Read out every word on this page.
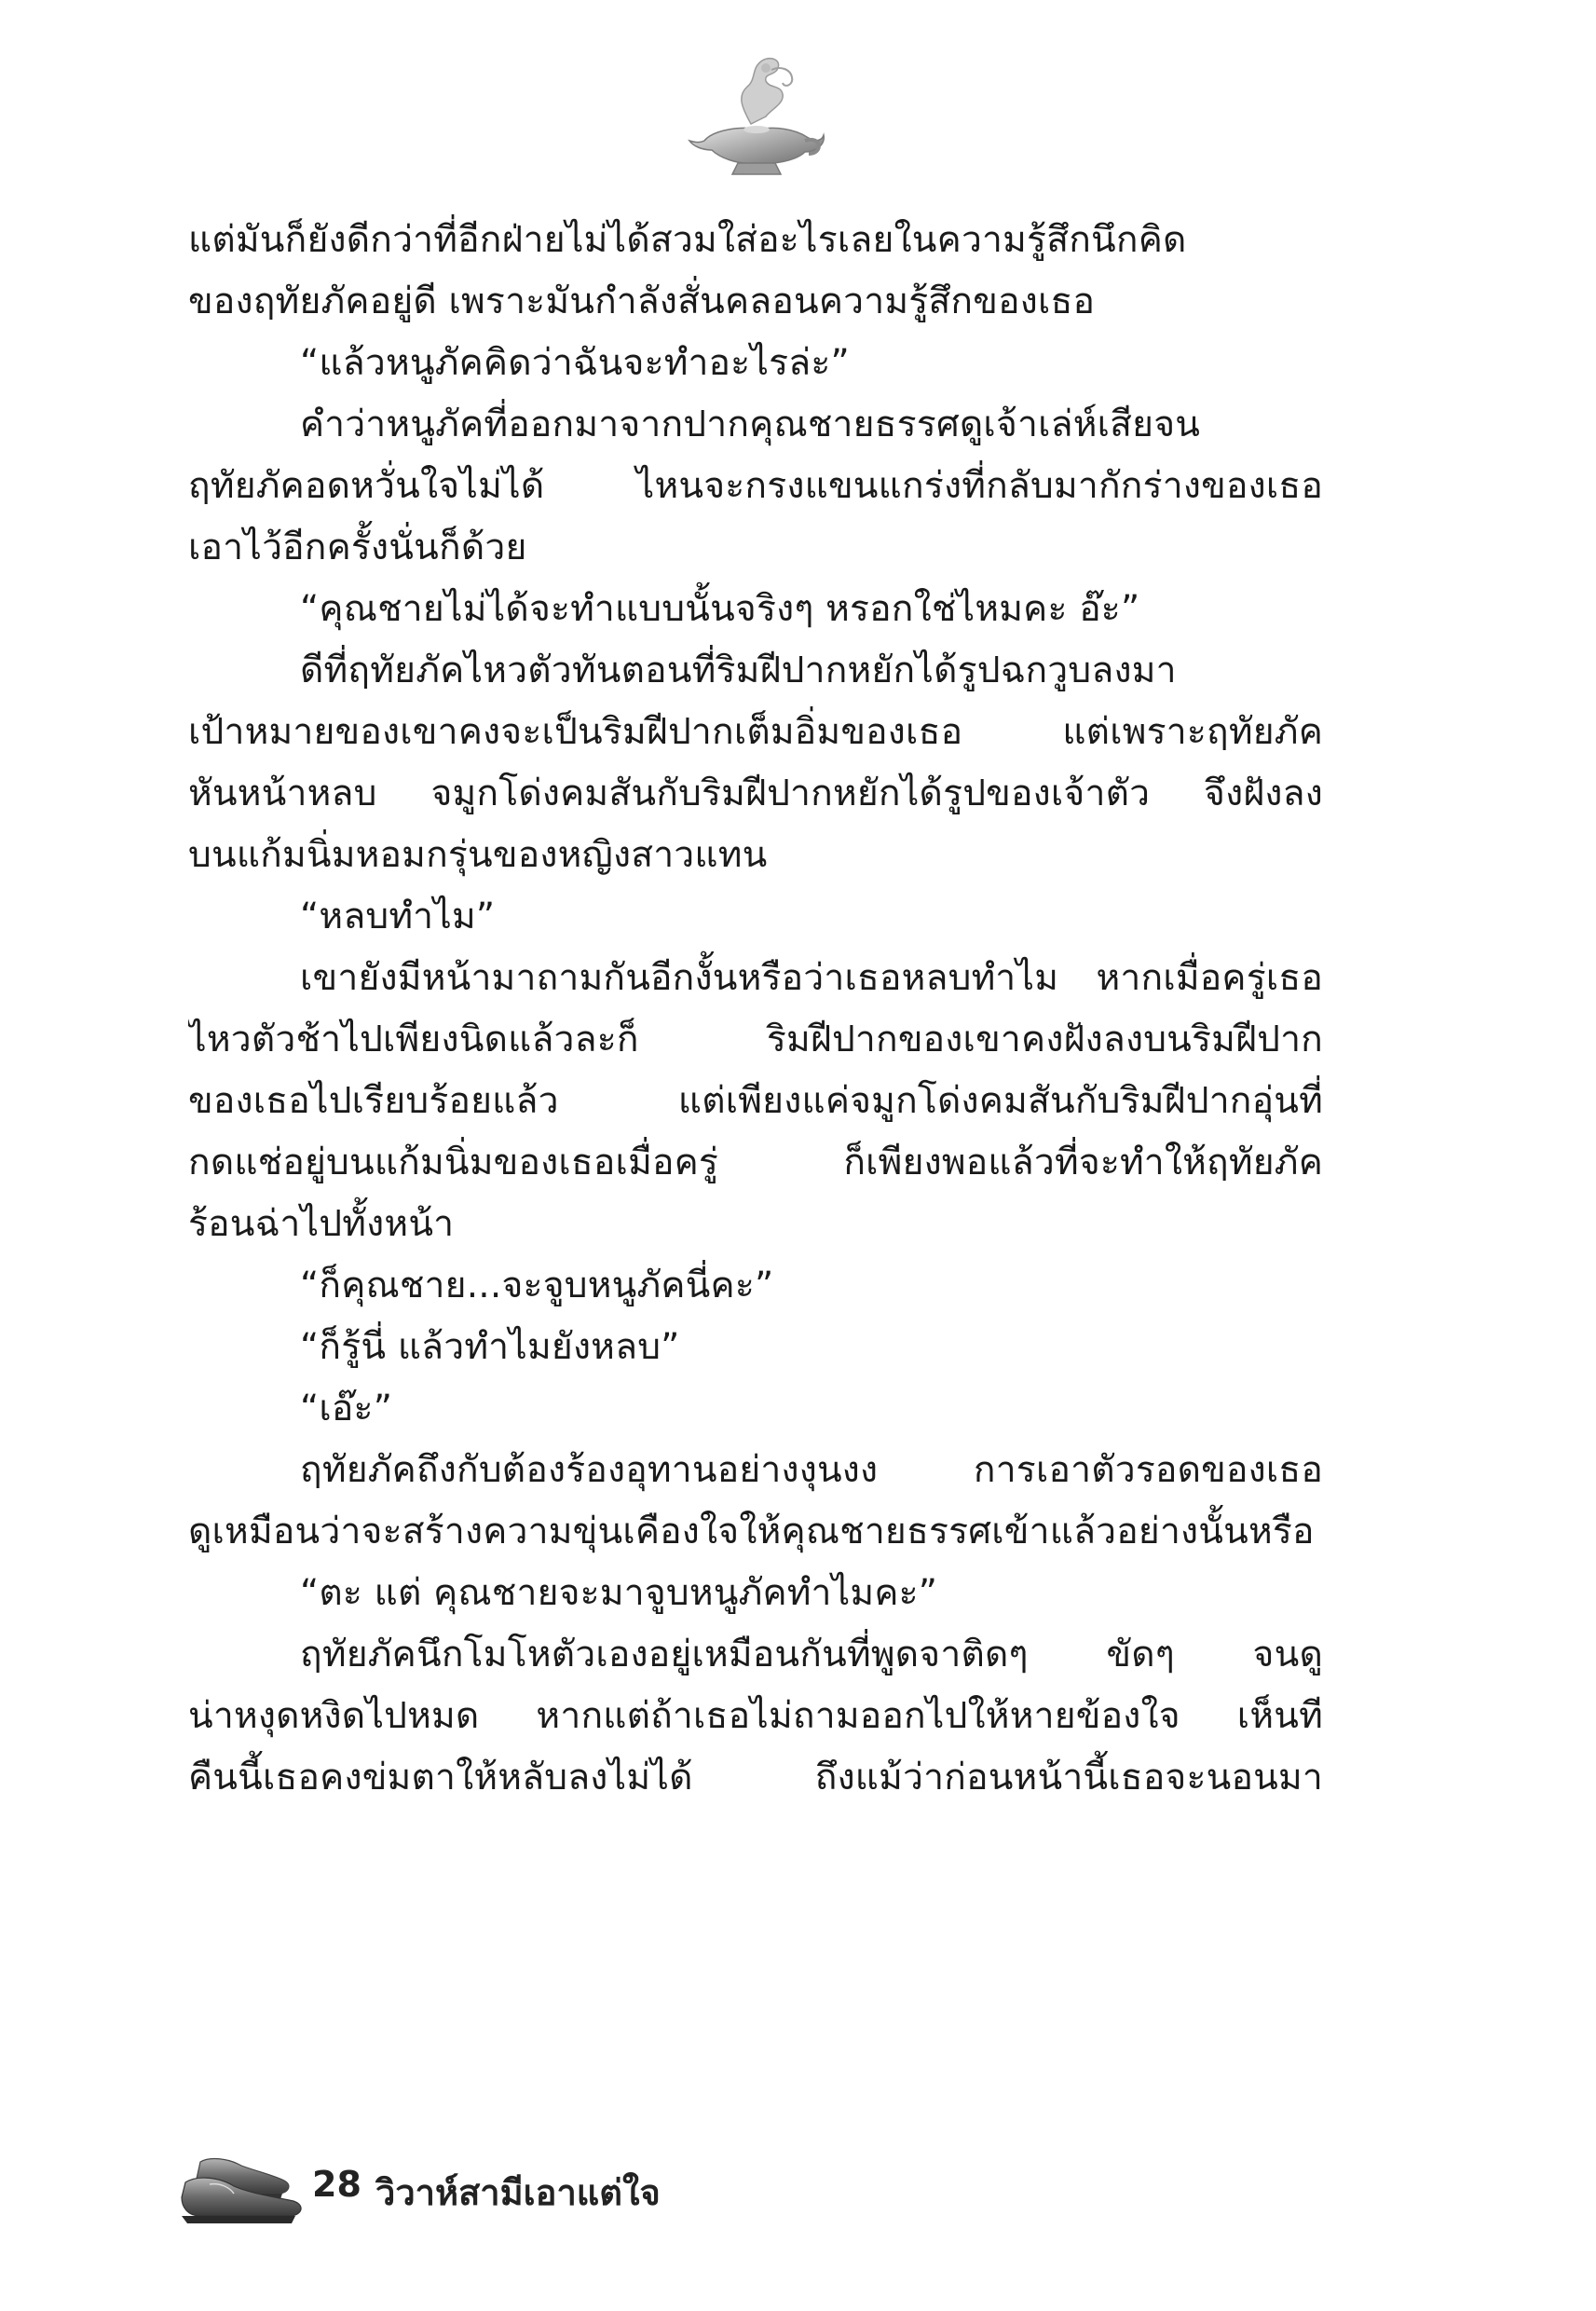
แต่มันก็ยังดีกว่าที่อีกฝ่ายไม่ได้สวมใส่อะไรเลยในความรู้สึกนึกคิด
ของฤทัยภัคอยู่ดี เพราะมันกำลังสั่นคลอนความรู้สึกของเธอ
“แล้วหนูภัคคิดว่าฉันจะทำอะไรล่ะ”
คำว่าหนูภัคที่ออกมาจากปากคุณชายธรรศดูเจ้าเล่ห์เสียจน
ฤทัยภัคอดหวั่นใจไม่ได้ ไหนจะกรงแขนแกร่งที่กลับมากักร่างของเธอ
เอาไว้อีกครั้งนั่นก็ด้วย
“คุณชายไม่ได้จะทำแบบนั้นจริงๆ หรอกใช่ไหมคะ อ๊ะ”
ดีที่ฤทัยภัคไหวตัวทันตอนที่ริมฝีปากหยักได้รูปฉกวูบลงมา
เป้าหมายของเขาคงจะเป็นริมฝีปากเต็มอิ่มของเธอ แต่เพราะฤทัยภัค
หันหน้าหลบ จมูกโด่งคมสันกับริมฝีปากหยักได้รูปของเจ้าตัว จึงฝังลง
บนแก้มนิ่มหอมกรุ่นของหญิงสาวแทน
“หลบทำไม”
เขายังมีหน้ามาถามกันอีกงั้นหรือว่าเธอหลบทำไม หากเมื่อครู่เธอ
ไหวตัวช้าไปเพียงนิดแล้วละก็ ริมฝีปากของเขาคงฝังลงบนริมฝีปาก
ของเธอไปเรียบร้อยแล้ว แต่เพียงแค่จมูกโด่งคมสันกับริมฝีปากอุ่นที่
กดแช่อยู่บนแก้มนิ่มของเธอเมื่อครู่ ก็เพียงพอแล้วที่จะทำให้ฤทัยภัค
ร้อนฉ่าไปทั้งหน้า
“ก็คุณชาย...จะจูบหนูภัคนี่คะ”
“ก็รู้นี่ แล้วทำไมยังหลบ”
“เอ๊ะ”
ฤทัยภัคถึงกับต้องร้องอุทานอย่างงุนงง การเอาตัวรอดของเธอ
ดูเหมือนว่าจะสร้างความขุ่นเคืองใจให้คุณชายธรรศเข้าแล้วอย่างนั้นหรือ
“ตะ แต่ คุณชายจะมาจูบหนูภัคทำไมคะ”
ฤทัยภัคนึกโมโหตัวเองอยู่เหมือนกันที่พูดจาติดๆ ขัดๆ จนดู
น่าหงุดหงิดไปหมด หากแต่ถ้าเธอไม่ถามออกไปให้หายข้องใจ เห็นที
คืนนี้เธอคงข่มตาให้หลับลงไม่ได้ ถึงแม้ว่าก่อนหน้านี้เธอจะนอนมา
28 วิวาห์สามีเอาแต่ใจ
